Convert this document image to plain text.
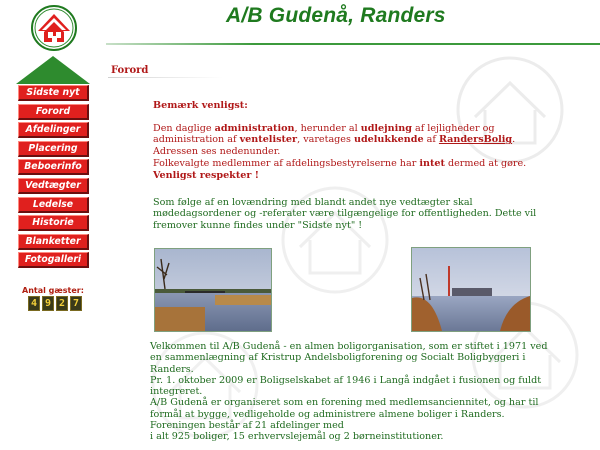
Sidste nyt
Forord
Afdelinger
Placering
Beboerinfo
Vedtægter
Ledelse
Historie
Blanketter
Fotogalleri
Antal gæster:
4 9 2 7
A/B Gudenå, Randers
Forord
Bemærk venligst:
Den daglige administration, herunder al udlejning af lejligheder og administration af ventelister, varetages udelukkende af RandersBolig. Adressen ses nedenunder.
Folkevalgte medlemmer af afdelingsbestyrelserne har intet dermed at gøre.
Venligst respekter !
Som følge af en lovændring med blandt andet nye vedtægter skal mødedagsordener og -referater være tilgængelige for offentligheden. Dette vil fremover kunne findes under "Sidste nyt" !
Velkommen til A/B Gudenå - en almen boligorganisation, som er stiftet i 1971 ved en sammenlægning af Kristrup Andelsboligforening og Socialt Boligbyggeri i Randers.
Pr. 1. oktober 2009 er Boligselskabet af 1946 i Langå indgået i fusionen og fuldt integreret.
A/B Gudenå er organiseret som en forening med medlemsanciennitet, og har til formål at bygge, vedligeholde og administrere almene boliger i Randers.
Foreningen består af 21 afdelinger med
i alt 925 boliger, 15 erhvervslejemål og 2 børneinstitutioner.
